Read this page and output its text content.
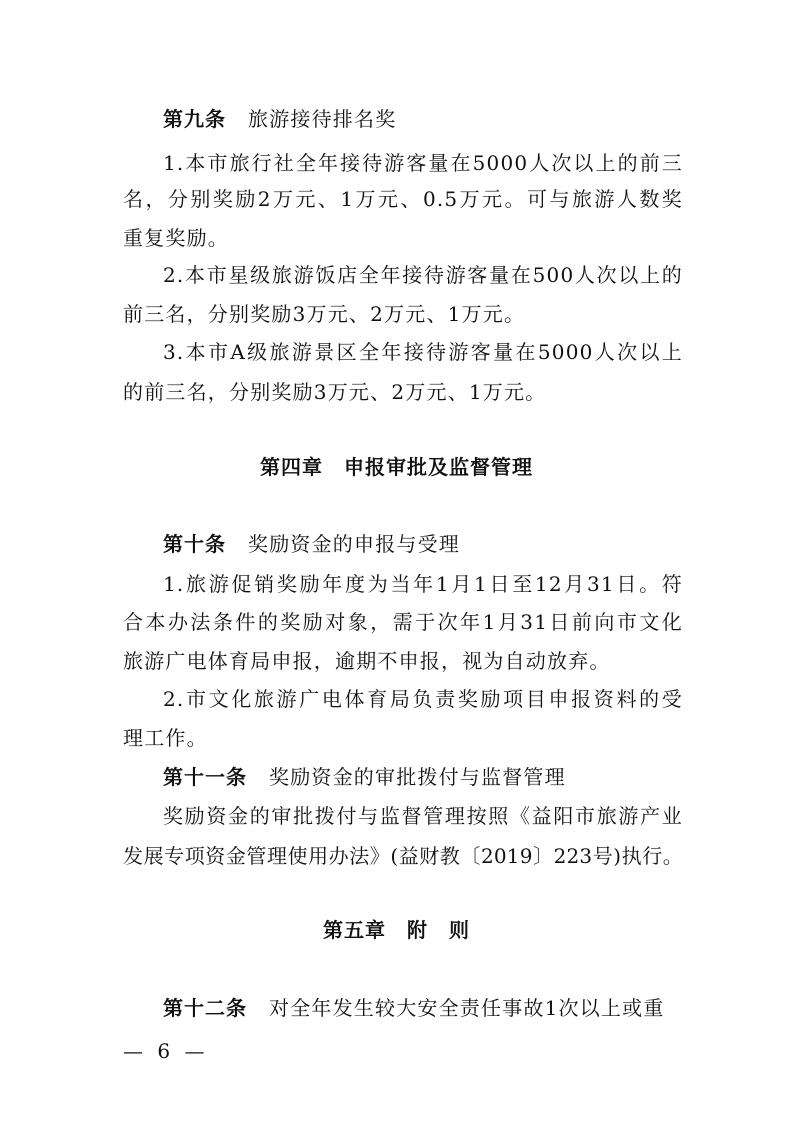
第九条 旅游接待排名奖
1.本市旅行社全年接待游客量在5000人次以上的前三
名，分别奖励2万元、1万元、0.5万元。可与旅游人数奖
重复奖励。
2.本市星级旅游饭店全年接待游客量在500人次以上的
前三名，分别奖励3万元、2万元、1万元。
3.本市A级旅游景区全年接待游客量在5000人次以上
的前三名，分别奖励3万元、2万元、1万元。
第四章　申报审批及监督管理
第十条 奖励资金的申报与受理
1.旅游促销奖励年度为当年1月1日至12月31日。符
合本办法条件的奖励对象，需于次年1月31日前向市文化
旅游广电体育局申报，逾期不申报，视为自动放弃。
2.市文化旅游广电体育局负责奖励项目申报资料的受
理工作。
第十一条 奖励资金的审批拨付与监督管理
奖励资金的审批拨付与监督管理按照《益阳市旅游产业
发展专项资金管理使用办法》(益财教〔2019〕223号)执行。
第五章　附　则
第十二条 对全年发生较大安全责任事故1次以上或重
— 6 —
